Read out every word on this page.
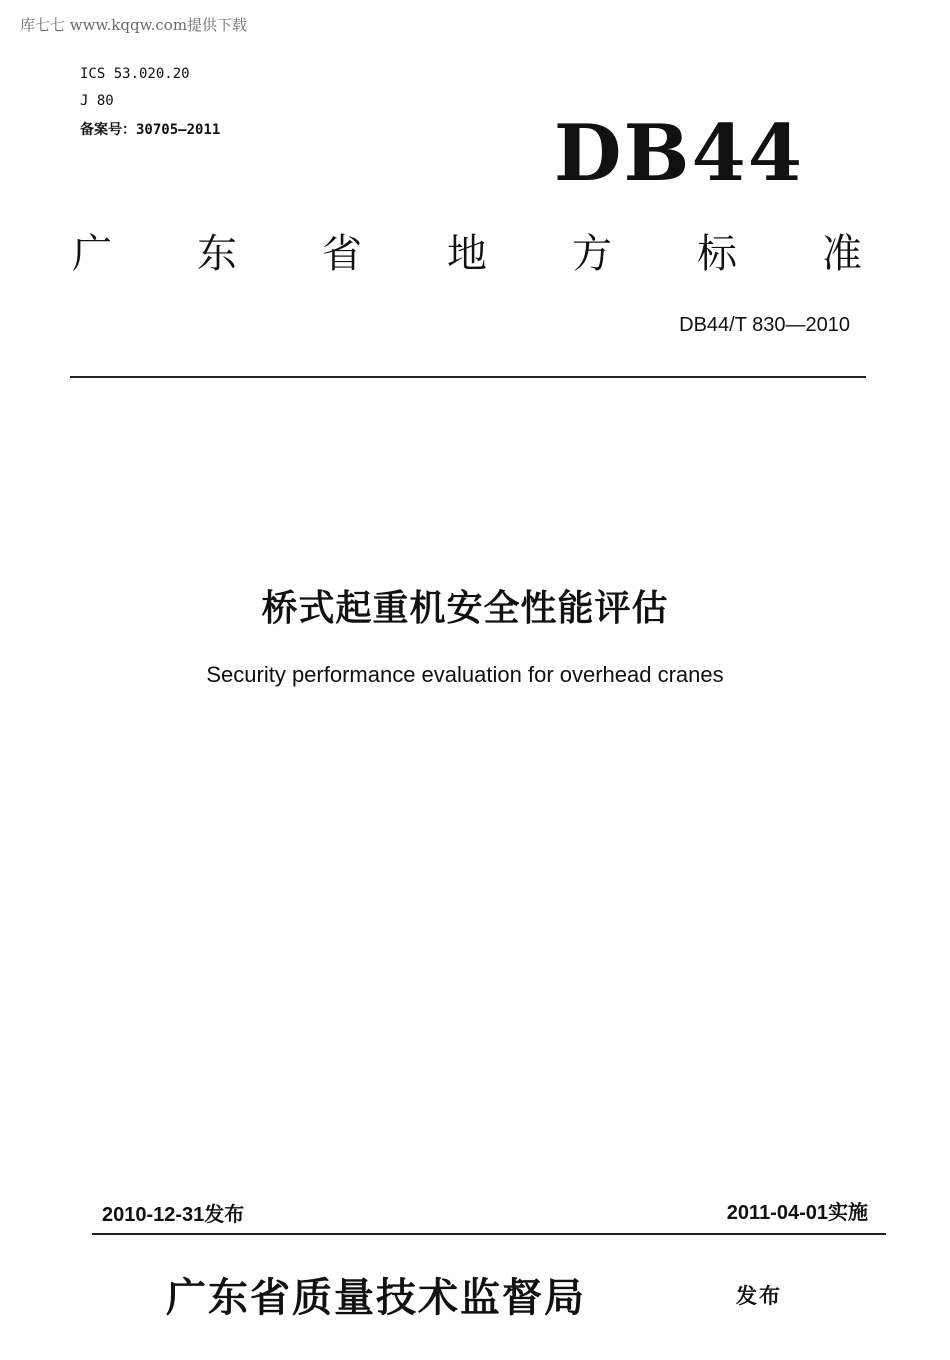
库七七 www.kqqw.com提供下载
ICS 53.020.20
J 80
备案号：30705—2011	DB44
广 东 省 地 方 标 准
DB44/T 830—2010
桥式起重机安全性能评估
Security performance evaluation for overhead cranes
2010-12-31发布	2011-04-01实施
广东省质量技术监督局	发布
